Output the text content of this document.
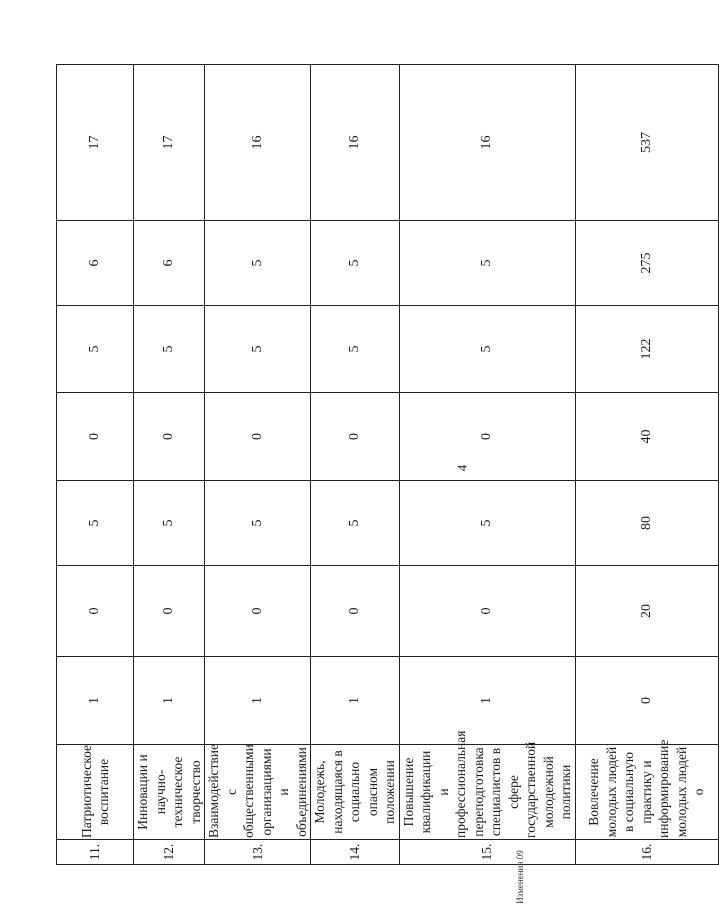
4
11.	Патриотическое воспитание	1	0	5	0	5	6	17
12.	Инновации и научно-техническое творчество	1	0	5	0	5	6	17
13.	Взаимодействие с общественными организациями и объединениями	1	0	5	0	5	5	16
14.	Молодежь, находящаяся в социально опасном положении	1	0	5	0	5	5	16
15.	Повышение квалификации и профессиональная переподготовка специалистов в сфере государственной молодежной политики	1	0	5	0	5	5	16
16.	Вовлечение молодых людей в социальную практику и информирование молодых людей о	0	20	80	40	122	275	537
Изменения 09
